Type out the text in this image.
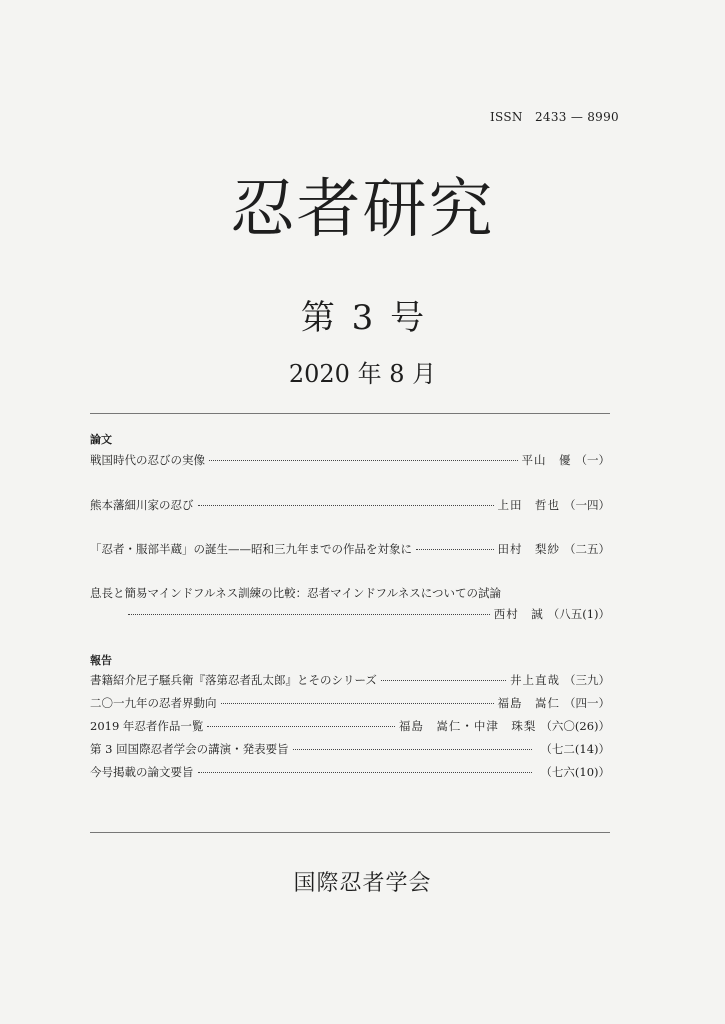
ISSN　2433 — 8990
忍者研究
第 3 号
2020 年 8 月
論文
戦国時代の忍びの実像	平山　優 （一）
熊本藩細川家の忍び	上田　哲也 （一四）
「忍者・服部半蔵」の誕生——昭和三九年までの作品を対象に	田村　梨紗 （二五）
息長と簡易マインドフルネス訓練の比較：忍者マインドフルネスについての試論
西村　誠 （八五(1)）
報告
書籍紹介尼子騒兵衛『落第忍者乱太郎』とそのシリーズ	井上直哉 （三九）
二〇一九年の忍者界動向	福島　嵩仁 （四一）
2019 年忍者作品一覧	福島　嵩仁・中津　珠梨 （六〇(26)）
第 3 回国際忍者学会の講演・発表要旨	（七二(14)）
今号掲載の論文要旨	（七六(10)）
国際忍者学会
